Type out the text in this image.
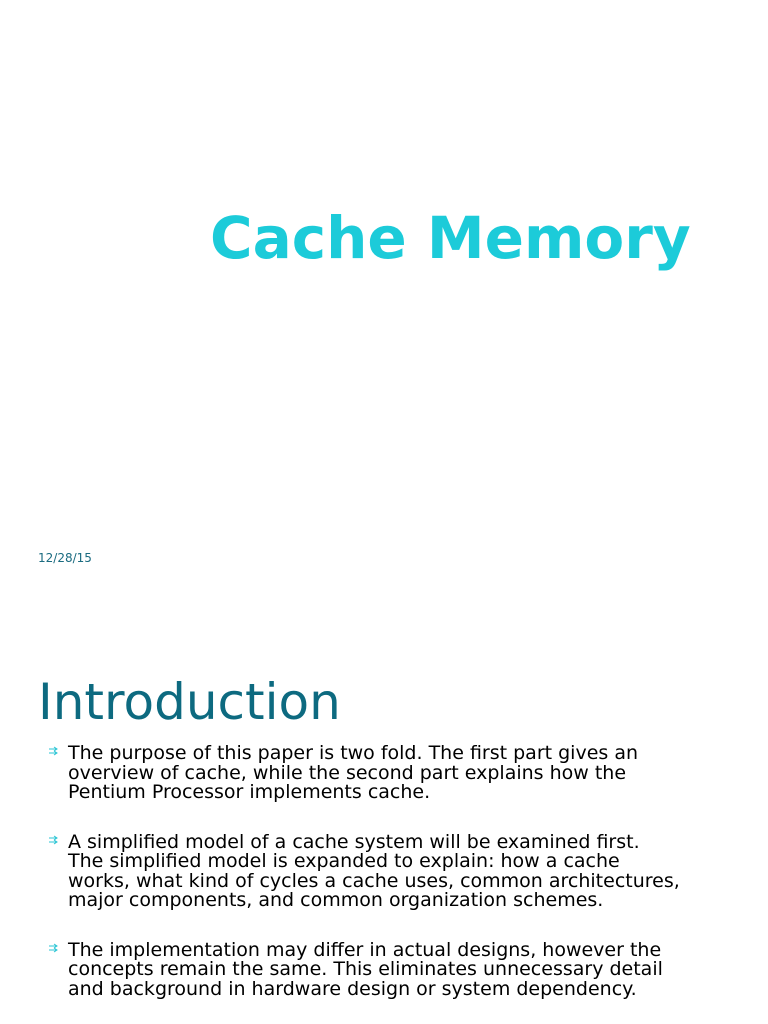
Cache Memory
12/28/15
Introduction
The purpose of this paper is two fold. The first part gives an
overview of cache, while the second part explains how the
Pentium Processor implements cache.
A simplified model of a cache system will be examined first.
The simplified model is expanded to explain: how a cache
works, what kind of cycles a cache uses, common architectures,
major components, and common organization schemes.
The implementation may differ in actual designs, however the
concepts remain the same. This eliminates unnecessary detail
and background in hardware design or system dependency.
